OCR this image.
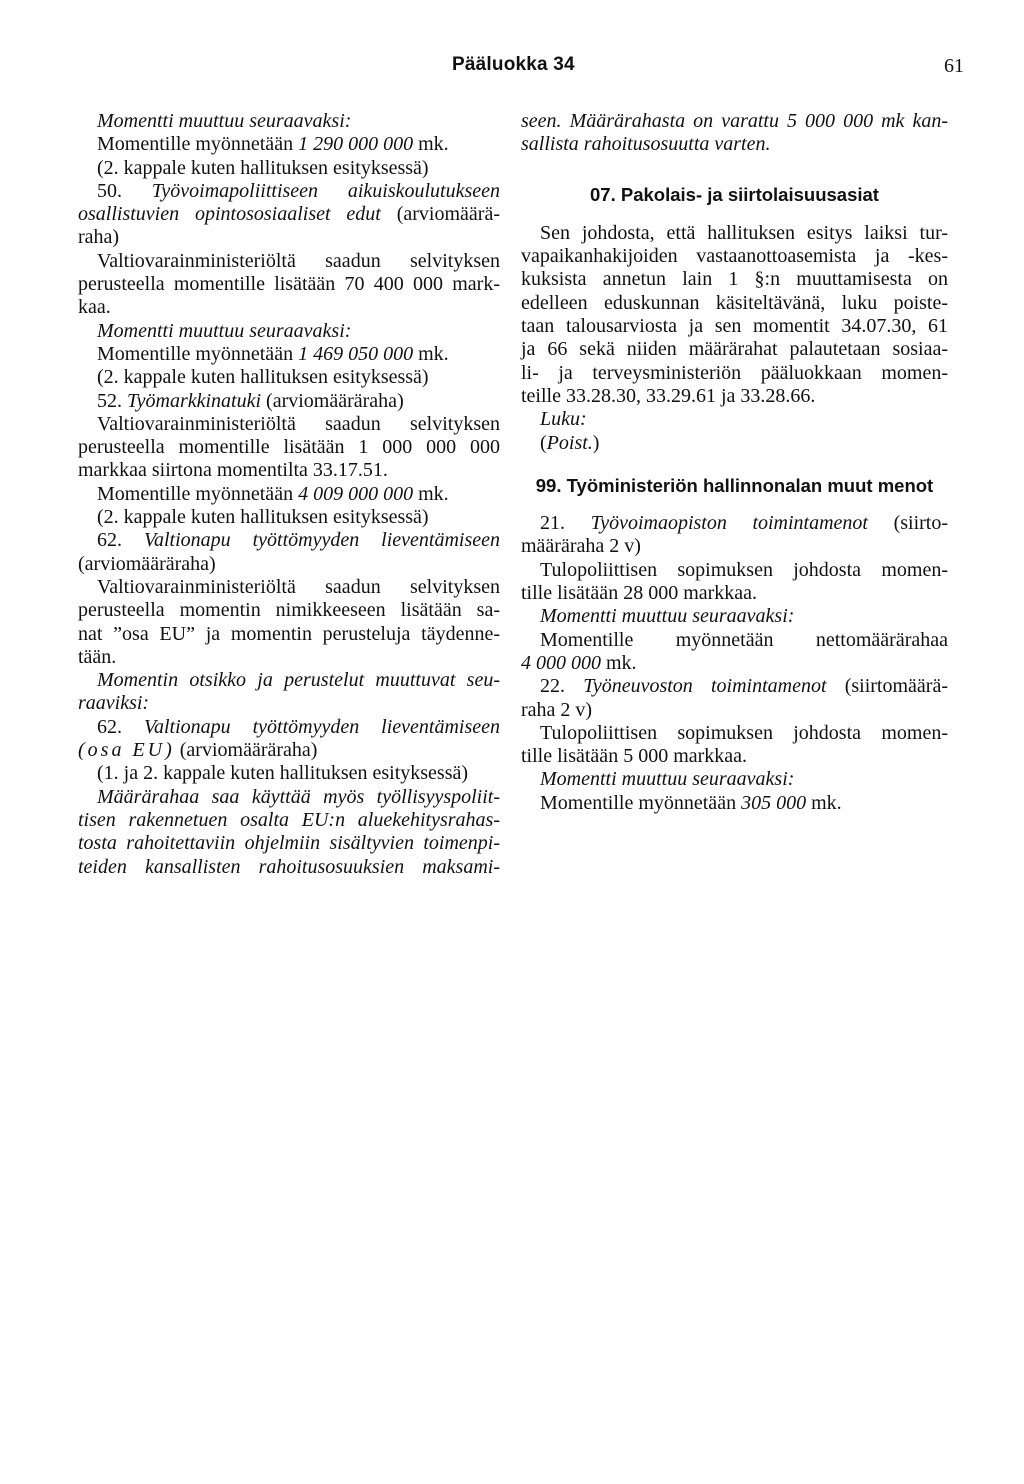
Pääluokka 34	61
Momentti muuttuu seuraavaksi:
Momentille myönnetään 1 290 000 000 mk.
(2. kappale kuten hallituksen esityksessä)
50. Työvoimapoliittiseen aikuiskoulutukseen
osallistuvien opintososiaaliset edut (arviomäärä-
raha)
Valtiovarainministeriöltä saadun selvityksen
perusteella momentille lisätään 70 400 000 mark-
kaa.
Momentti muuttuu seuraavaksi:
Momentille myönnetään 1 469 050 000 mk.
(2. kappale kuten hallituksen esityksessä)
52. Työmarkkinatuki (arviomääräraha)
Valtiovarainministeriöltä saadun selvityksen
perusteella momentille lisätään 1 000 000 000
markkaa siirtona momentilta 33.17.51.
Momentille myönnetään 4 009 000 000 mk.
(2. kappale kuten hallituksen esityksessä)
62. Valtionapu työttömyyden lieventämiseen
(arviomääräraha)
Valtiovarainministeriöltä saadun selvityksen
perusteella momentin nimikkeeseen lisätään sa-
nat ”osa EU” ja momentin perusteluja täydenne-
tään.
Momentin otsikko ja perustelut muuttuvat seu-
raaviksi:
62. Valtionapu työttömyyden lieventämiseen
(osa EU) (arviomääräraha)
(1. ja 2. kappale kuten hallituksen esityksessä)
Määrärahaa saa käyttää myös työllisyyspoliit-
tisen rakennetuen osalta EU:n aluekehitysrahas-
tosta rahoitettaviin ohjelmiin sisältyvien toimenpi-
teiden kansallisten rahoitusosuuksien maksami-
seen. Määrärahasta on varattu 5 000 000 mk kan-
sallista rahoitusosuutta varten.
07. Pakolais- ja siirtolaisuusasiat
Sen johdosta, että hallituksen esitys laiksi tur-
vapaikanhakijoiden vastaanottoasemista ja -kes-
kuksista annetun lain 1 §:n muuttamisesta on
edelleen eduskunnan käsiteltävänä, luku poiste-
taan talousarviosta ja sen momentit 34.07.30, 61
ja 66 sekä niiden määrärahat palautetaan sosiaa-
li- ja terveysministeriön pääluokkaan momen-
teille 33.28.30, 33.29.61 ja 33.28.66.
Luku:
(Poist.)
99. Työministeriön hallinnonalan muut menot
21. Työvoimaopiston toimintamenot (siirto-
määräraha 2 v)
Tulopoliittisen sopimuksen johdosta momen-
tille lisätään 28 000 markkaa.
Momentti muuttuu seuraavaksi:
Momentille myönnetään nettomäärärahaa
4 000 000 mk.
22. Työneuvoston toimintamenot (siirtomäärä-
raha 2 v)
Tulopoliittisen sopimuksen johdosta momen-
tille lisätään 5 000 markkaa.
Momentti muuttuu seuraavaksi:
Momentille myönnetään 305 000 mk.
